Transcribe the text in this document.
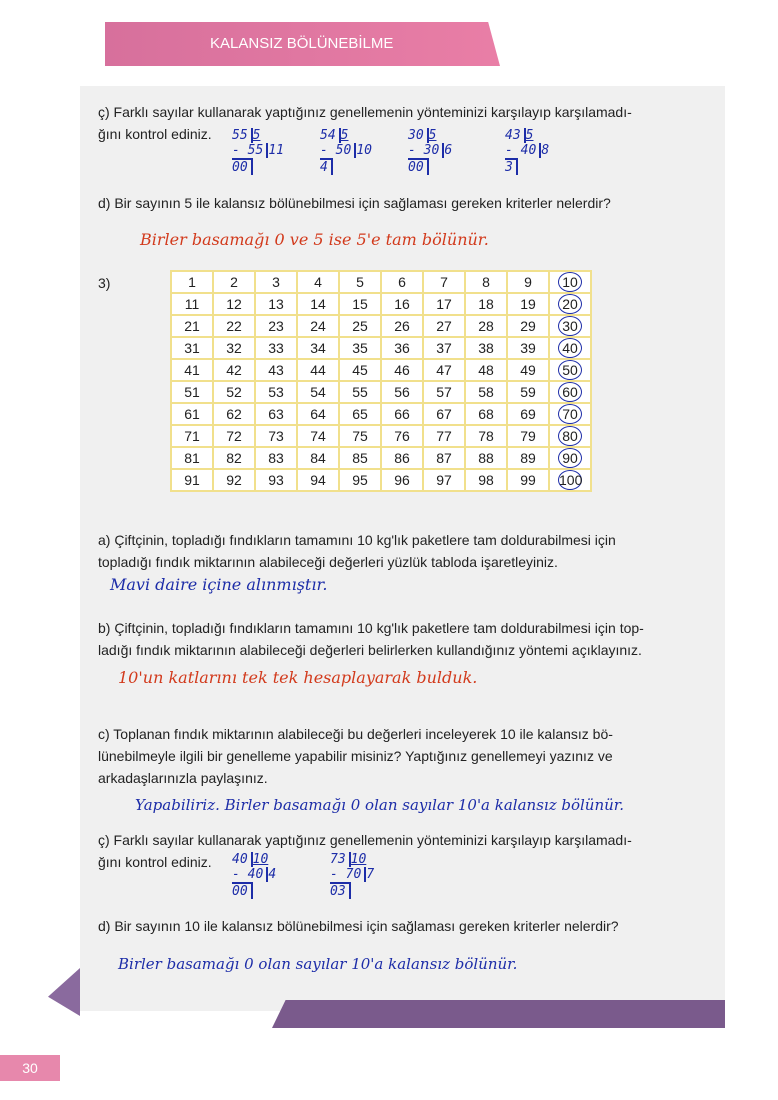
KALANSIZ BÖLÜNEBİLME
ç) Farklı sayılar kullanarak yaptığınız genellemenin yönteminizi karşılayıp karşılamadı-
ğını kontrol ediniz.
d) Bir sayının 5 ile kalansız bölünebilmesi için sağlaması gereken kriterler nelerdir?
Birler basamağı 0 ve 5 ise 5'e tam bölünür.
3)	1	2	3	4	5	6	7	8	9	10
11	12	13	14	15	16	17	18	19	20
21	22	23	24	25	26	27	28	29	30
31	32	33	34	35	36	37	38	39	40
41	42	43	44	45	46	47	48	49	50
51	52	53	54	55	56	57	58	59	60
61	62	63	64	65	66	67	68	69	70
71	72	73	74	75	76	77	78	79	80
81	82	83	84	85	86	87	88	89	90
91	92	93	94	95	96	97	98	99	100
a) Çiftçinin, topladığı fındıkların tamamını 10 kg'lık paketlere tam doldurabilmesi için
topladığı fındık miktarının alabileceği değerleri yüzlük tabloda işaretleyiniz.
Mavi daire içine alınmıştır.
b) Çiftçinin, topladığı fındıkların tamamını 10 kg'lık paketlere tam doldurabilmesi için top-
ladığı fındık miktarının alabileceği değerleri belirlerken kullandığınız yöntemi açıklayınız.
10'un katlarını tek tek hesaplayarak bulduk.
c) Toplanan fındık miktarının alabileceği bu değerleri inceleyerek 10 ile kalansız bö-
lünebilmeyle ilgili bir genelleme yapabilir misiniz? Yaptığınız genellemeyi yazınız ve
arkadaşlarınızla paylaşınız.
Yapabiliriz. Birler basamağı 0 olan sayılar 10'a kalansız bölünür.
ç) Farklı sayılar kullanarak yaptığınız genellemenin yönteminizi karşılayıp karşılamadı-
ğını kontrol ediniz.
d) Bir sayının 10 ile kalansız bölünebilmesi için sağlaması gereken kriterler nelerdir?
Birler basamağı 0 olan sayılar 10'a kalansız bölünür.
30
55 5
- 55 11
00
54 5
- 50 10
4
30 5
- 30 6
00
43 5
- 40 8
3
40 10
- 40 4
00
73 10
- 70 7
03
